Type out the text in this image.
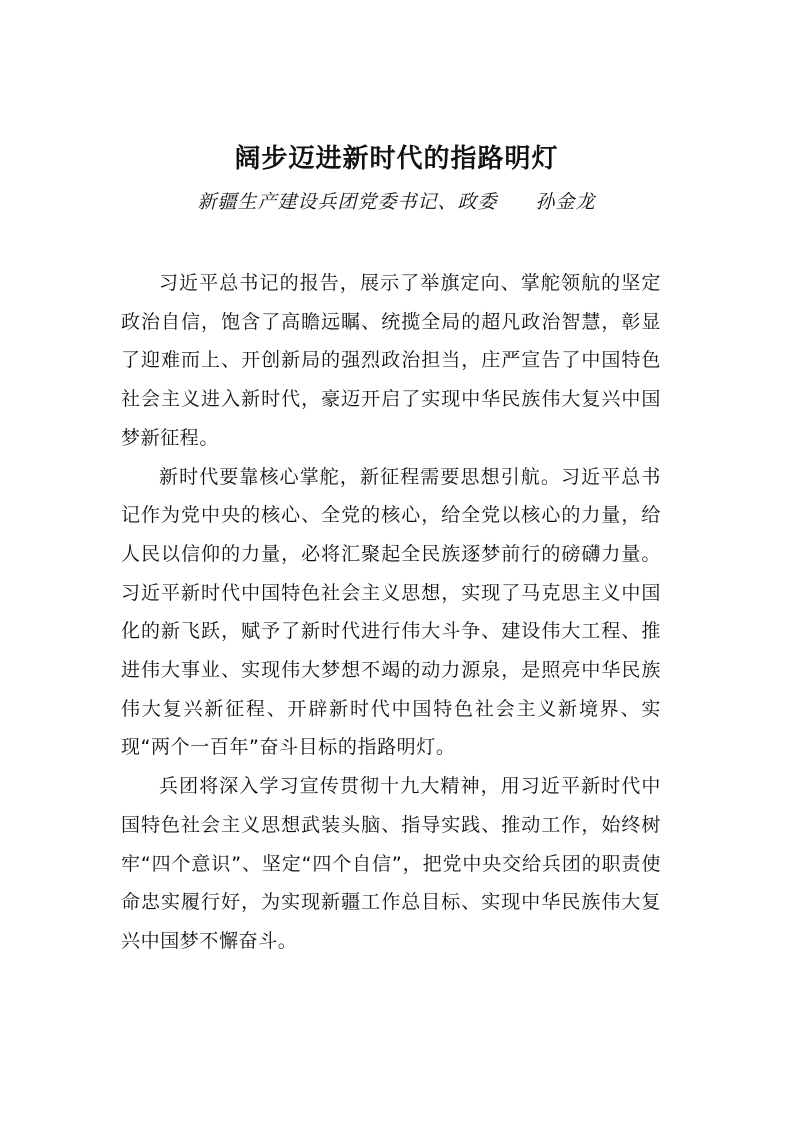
阔步迈进新时代的指路明灯
新疆生产建设兵团党委书记、政委 孙金龙

习近平总书记的报告，展示了举旗定向、掌舵领航的坚定政治自信，饱含了高瞻远瞩、统揽全局的超凡政治智慧，彰显了迎难而上、开创新局的强烈政治担当，庄严宣告了中国特色社会主义进入新时代，豪迈开启了实现中华民族伟大复兴中国梦新征程。

新时代要靠核心掌舵，新征程需要思想引航。习近平总书记作为党中央的核心、全党的核心，给全党以核心的力量，给人民以信仰的力量，必将汇聚起全民族逐梦前行的磅礴力量。习近平新时代中国特色社会主义思想，实现了马克思主义中国化的新飞跃，赋予了新时代进行伟大斗争、建设伟大工程、推进伟大事业、实现伟大梦想不竭的动力源泉，是照亮中华民族伟大复兴新征程、开辟新时代中国特色社会主义新境界、实现“两个一百年”奋斗目标的指路明灯。

兵团将深入学习宣传贯彻十九大精神，用习近平新时代中国特色社会主义思想武装头脑、指导实践、推动工作，始终树牢“四个意识”、坚定“四个自信”，把党中央交给兵团的职责使命忠实履行好，为实现新疆工作总目标、实现中华民族伟大复兴中国梦不懈奋斗。
